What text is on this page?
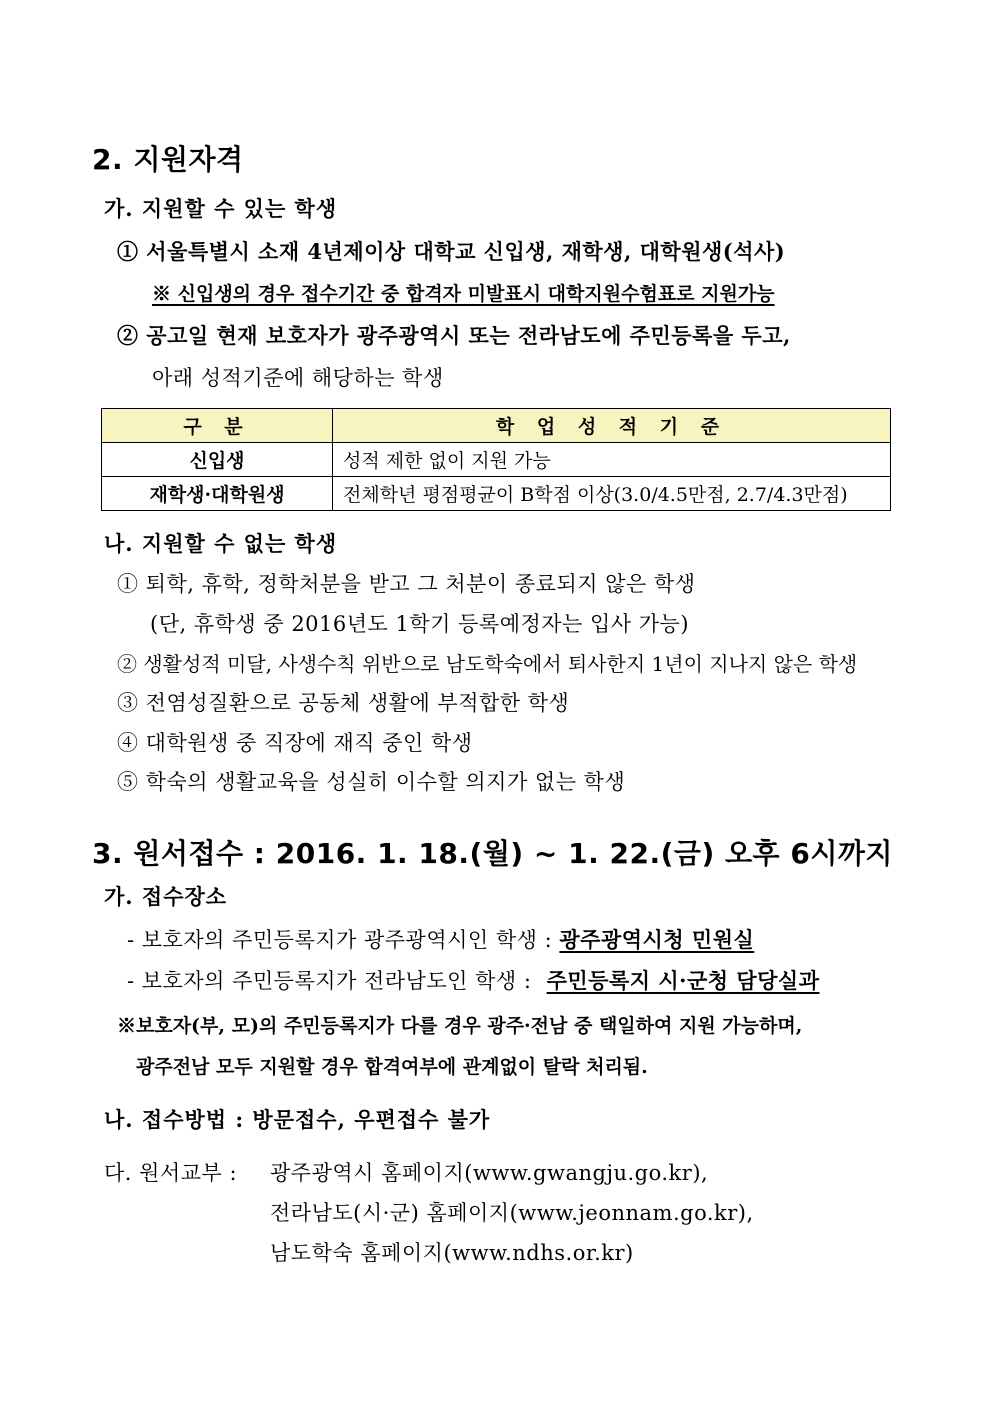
2. 지원자격
가. 지원할 수 있는 학생
① 서울특별시 소재 4년제이상 대학교 신입생, 재학생, 대학원생(석사)
※ 신입생의 경우 접수기간 중 합격자 미발표시 대학지원수험표로 지원가능
② 공고일 현재 보호자가 광주광역시 또는 전라남도에 주민등록을 두고,
아래 성적기준에 해당하는 학생
구 분	학 업 성 적 기 준
신입생	성적 제한 없이 지원 가능
재학생·대학원생	전체학년 평점평균이 B학점 이상(3.0/4.5만점, 2.7/4.3만점)
나. 지원할 수 없는 학생
① 퇴학, 휴학, 정학처분을 받고 그 처분이 종료되지 않은 학생
(단, 휴학생 중 2016년도 1학기 등록예정자는 입사 가능)
② 생활성적 미달, 사생수칙 위반으로 남도학숙에서 퇴사한지 1년이 지나지 않은 학생
③ 전염성질환으로 공동체 생활에 부적합한 학생
④ 대학원생 중 직장에 재직 중인 학생
⑤ 학숙의 생활교육을 성실히 이수할 의지가 없는 학생
3. 원서접수 : 2016. 1. 18.(월) ~ 1. 22.(금) 오후 6시까지
가. 접수장소
- 보호자의 주민등록지가 광주광역시인 학생 : 광주광역시청 민원실
- 보호자의 주민등록지가 전라남도인 학생 : 주민등록지 시·군청 담당실과
※보호자(부, 모)의 주민등록지가 다를 경우 광주·전남 중 택일하여 지원 가능하며,
광주전남 모두 지원할 경우 합격여부에 관계없이 탈락 처리됨.
나. 접수방법 : 방문접수, 우편접수 불가
다. 원서교부 : 광주광역시 홈페이지(www.gwangju.go.kr),
전라남도(시·군) 홈페이지(www.jeonnam.go.kr),
남도학숙 홈페이지(www.ndhs.or.kr)
